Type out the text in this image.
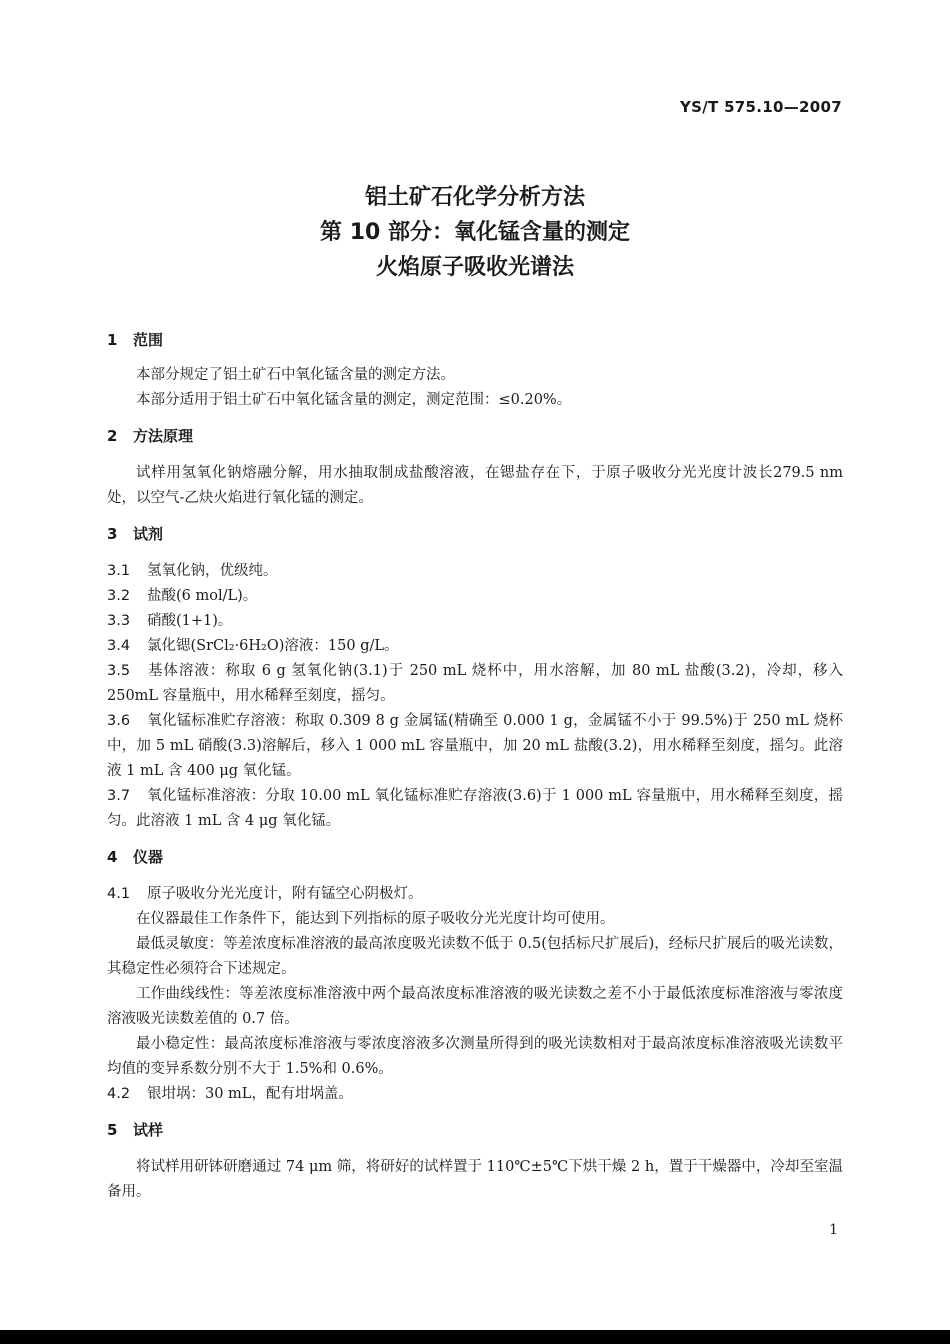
YS/T 575.10—2007
铝土矿石化学分析方法
第 10 部分：氧化锰含量的测定
火焰原子吸收光谱法
1 范围

本部分规定了铝土矿石中氧化锰含量的测定方法。

本部分适用于铝土矿石中氧化锰含量的测定，测定范围：≤0.20%。

2 方法原理

试样用氢氧化钠熔融分解，用水抽取制成盐酸溶液，在锶盐存在下，于原子吸收分光光度计波长279.5 nm 处，以空气-乙炔火焰进行氧化锰的测定。

3 试剂

3.1 氢氧化钠，优级纯。

3.2 盐酸(6 mol/L)。

3.3 硝酸(1+1)。

3.4 氯化锶(SrCl₂·6H₂O)溶液：150 g/L。

3.5 基体溶液：称取 6 g 氢氧化钠(3.1)于 250 mL 烧杯中，用水溶解，加 80 mL 盐酸(3.2)，冷却，移入250mL 容量瓶中，用水稀释至刻度，摇匀。

3.6 氧化锰标准贮存溶液：称取 0.309 8 g 金属锰(精确至 0.000 1 g，金属锰不小于 99.5%)于 250 mL 烧杯中，加 5 mL 硝酸(3.3)溶解后，移入 1 000 mL 容量瓶中，加 20 mL 盐酸(3.2)，用水稀释至刻度，摇匀。此溶液 1 mL 含 400 μg 氧化锰。

3.7 氧化锰标准溶液：分取 10.00 mL 氧化锰标准贮存溶液(3.6)于 1 000 mL 容量瓶中，用水稀释至刻度，摇匀。此溶液 1 mL 含 4 μg 氧化锰。

4 仪器

4.1 原子吸收分光光度计，附有锰空心阴极灯。

在仪器最佳工作条件下，能达到下列指标的原子吸收分光光度计均可使用。

最低灵敏度：等差浓度标准溶液的最高浓度吸光读数不低于 0.5(包括标尺扩展后)，经标尺扩展后的吸光读数，其稳定性必须符合下述规定。

工作曲线线性：等差浓度标准溶液中两个最高浓度标准溶液的吸光读数之差不小于最低浓度标准溶液与零浓度溶液吸光读数差值的 0.7 倍。

最小稳定性：最高浓度标准溶液与零浓度溶液多次测量所得到的吸光读数相对于最高浓度标准溶液吸光读数平均值的变异系数分别不大于 1.5%和 0.6%。

4.2 银坩埚：30 mL，配有坩埚盖。

5 试样

将试样用研钵研磨通过 74 μm 筛，将研好的试样置于 110℃±5℃下烘干燥 2 h，置于干燥器中，冷却至室温备用。

1
